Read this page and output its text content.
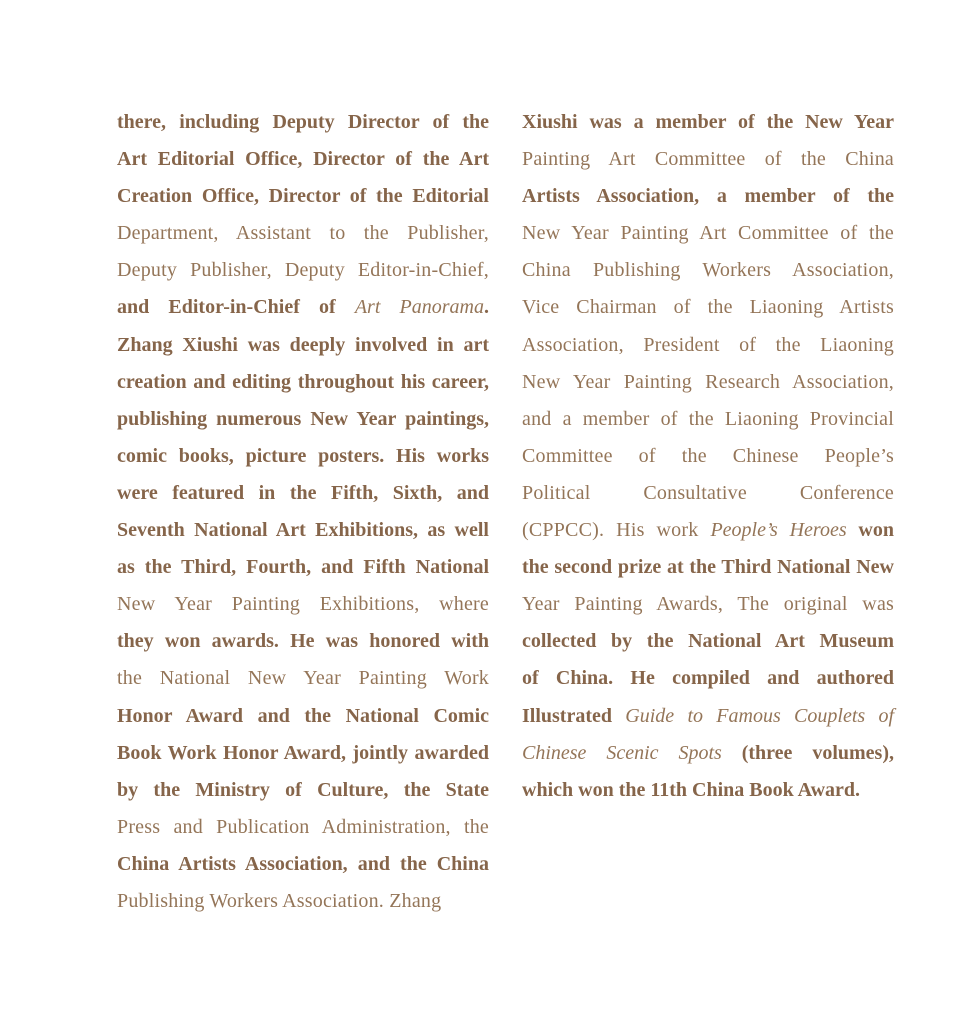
there, including Deputy Director of the
Art Editorial Office, Director of the Art
Creation Office, Director of the Editorial
Department, Assistant to the Publisher,
Deputy Publisher, Deputy Editor-in-Chief,
and Editor-in-Chief of Art Panorama.
Zhang Xiushi was deeply involved in art
creation and editing throughout his career,
publishing numerous New Year paintings,
comic books, picture posters. His works
were featured in the Fifth, Sixth, and
Seventh National Art Exhibitions, as well
as the Third, Fourth, and Fifth National
New Year Painting Exhibitions, where
they won awards. He was honored with
the National New Year Painting Work
Honor Award and the National Comic
Book Work Honor Award, jointly awarded
by the Ministry of Culture, the State
Press and Publication Administration, the
China Artists Association, and the China
Publishing Workers Association. Zhang
Xiushi was a member of the New Year
Painting Art Committee of the China
Artists Association, a member of the
New Year Painting Art Committee of the
China Publishing Workers Association,
Vice Chairman of the Liaoning Artists
Association, President of the Liaoning
New Year Painting Research Association,
and a member of the Liaoning Provincial
Committee of the Chinese People’s
Political Consultative Conference
(CPPCC). His work People’s Heroes won
the second prize at the Third National New
Year Painting Awards, The original was
collected by the National Art Museum
of China. He compiled and authored
Illustrated Guide to Famous Couplets of
Chinese Scenic Spots (three volumes),
which won the 11th China Book Award.
